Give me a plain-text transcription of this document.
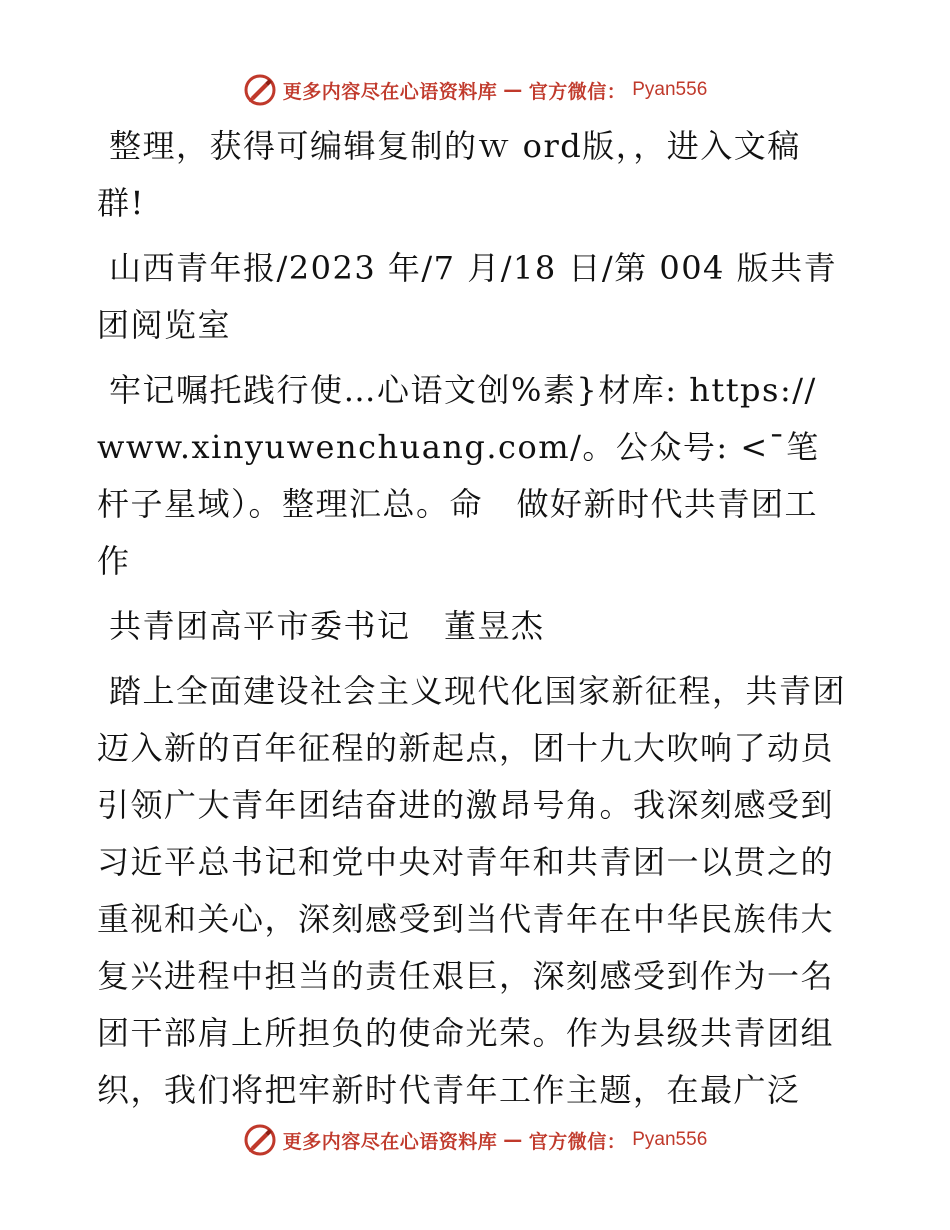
更多内容尽在心语资料库 — 官方微信： Pyan556

整理，获得可编辑复制的ｗ ord版，，进入文稿群!

山西青年报/2023 年/7 月/18 日/第 004 版共青团阅览室

牢记嘱托践行使…心语文创%素}材库: https:// www.xinyuwenchuang.com/。公众号: <¯笔杆子星域）。整理汇总。命　做好新时代共青团工作

共青团高平市委书记　董昱杰

踏上全面建设社会主义现代化国家新征程，共青团迈入新的百年征程的新起点，团十九大吹响了动员引领广大青年团结奋进的激昂号角。我深刻感受到习近平总书记和党中央对青年和共青团一以贯之的重视和关心，深刻感受到当代青年在中华民族伟大复兴进程中担当的责任艰巨，深刻感受到作为一名团干部肩上所担负的使命光荣。作为县级共青团组织，我们将把牢新时代青年工作主题，在最广泛

更多内容尽在心语资料库 — 官方微信： Pyan556
